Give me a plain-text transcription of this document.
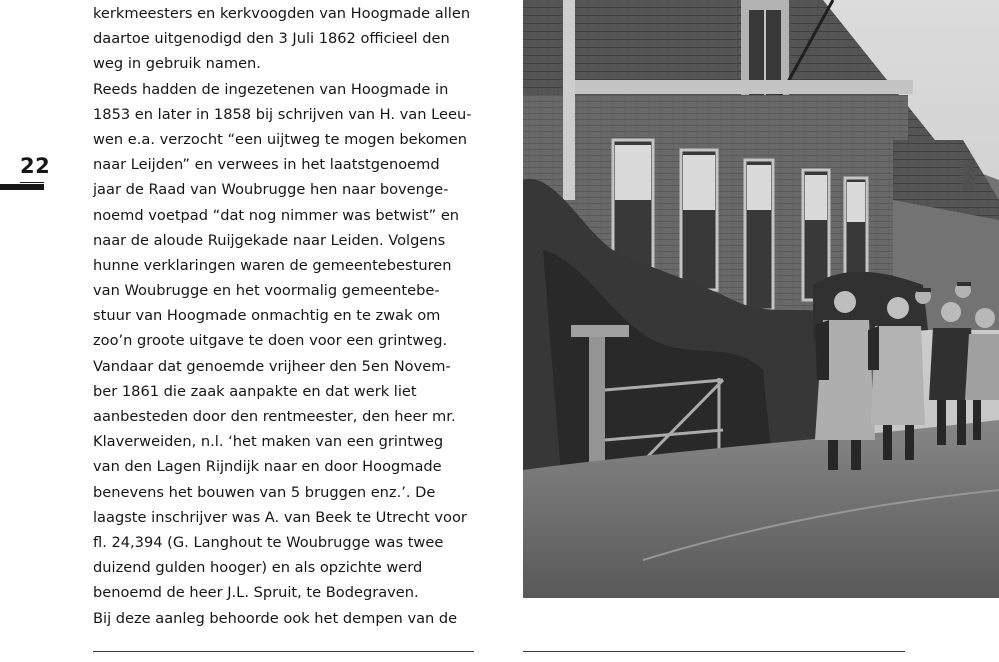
22
kerkmeesters en kerkvoogden van Hoogmade allen
daartoe uitgenodigd den 3 Juli 1862 officieel den
weg in gebruik namen.
Reeds hadden de ingezetenen van Hoogmade in
1853 en later in 1858 bij schrijven van H. van Leeu-
wen e.a. verzocht “een uijtweg te mogen bekomen
naar Leijden” en verwees in het laatstgenoemd
jaar de Raad van Woubrugge hen naar bovenge-
noemd voetpad “dat nog nimmer was betwist” en
naar de aloude Ruijgekade naar Leiden. Volgens
hunne verklaringen waren de gemeentebesturen
van Woubrugge en het voormalig gemeentebe-
stuur van Hoogmade onmachtig en te zwak om
zoo’n groote uitgave te doen voor een grintweg.
Vandaar dat genoemde vrijheer den 5en Novem-
ber 1861 die zaak aanpakte en dat werk liet
aanbesteden door den rentmeester, den heer mr.
Klaverweiden, n.l. ‘het maken van een grintweg
van den Lagen Rijndijk naar en door Hoogmade
benevens het bouwen van 5 bruggen enz.’. De
laagste inschrijver was A. van Beek te Utrecht voor
fl. 24,394 (G. Langhout te Woubrugge was twee
duizend gulden hooger) en als opzichte werd
benoemd de heer J.L. Spruit, te Bodegraven.
Bij deze aanleg behoorde ook het dempen van de
